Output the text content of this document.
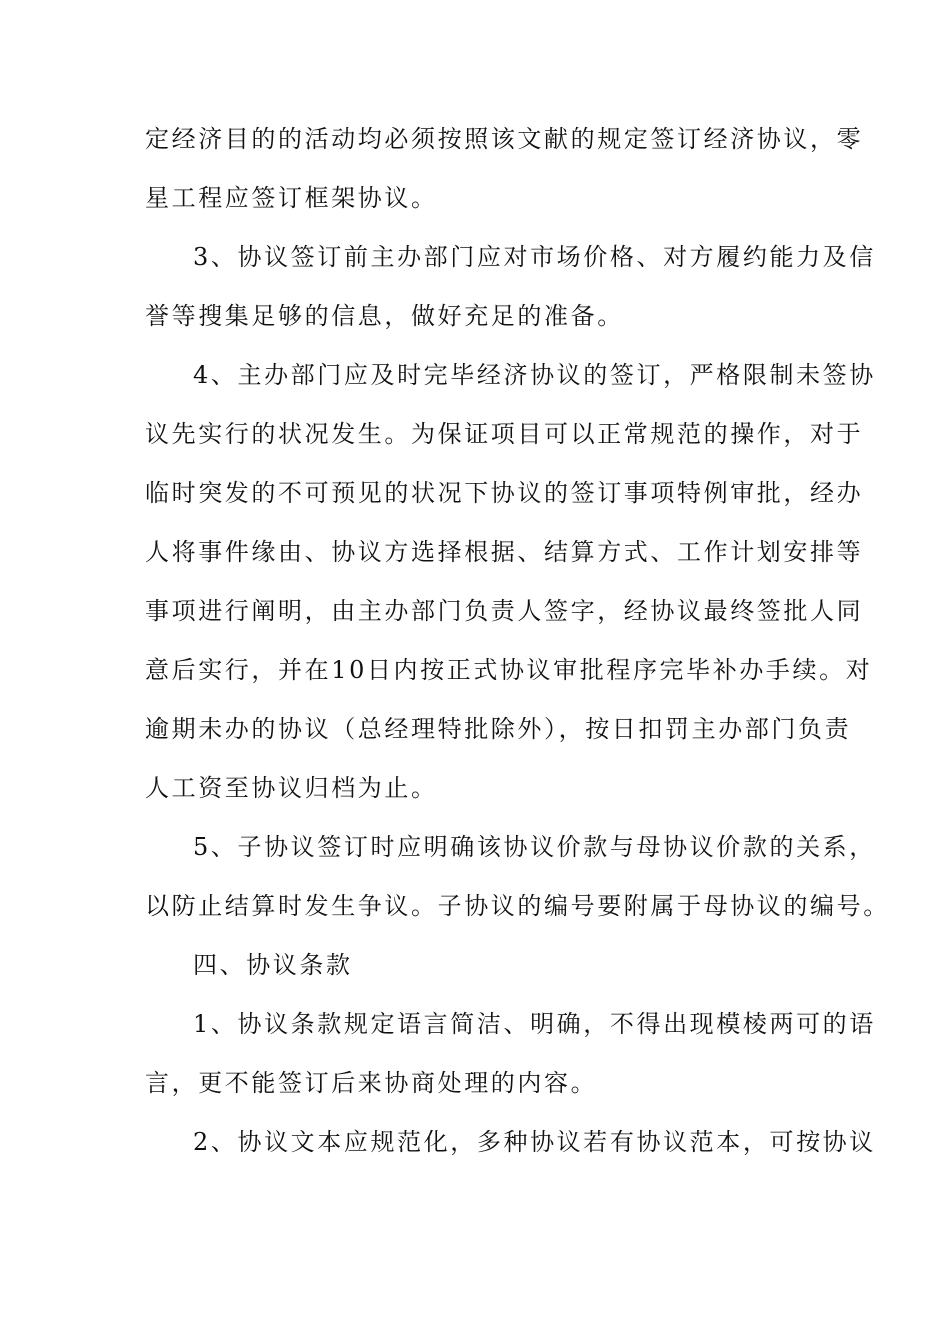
定经济目的的活动均必须按照该文献的规定签订经济协议，零
星工程应签订框架协议。
3、协议签订前主办部门应对市场价格、对方履约能力及信
誉等搜集足够的信息，做好充足的准备。
4、主办部门应及时完毕经济协议的签订，严格限制未签协
议先实行的状况发生。为保证项目可以正常规范的操作，对于
临时突发的不可预见的状况下协议的签订事项特例审批，经办
人将事件缘由、协议方选择根据、结算方式、工作计划安排等
事项进行阐明，由主办部门负责人签字，经协议最终签批人同
意后实行，并在10日内按正式协议审批程序完毕补办手续。对
逾期未办的协议（总经理特批除外），按日扣罚主办部门负责
人工资至协议归档为止。
5、子协议签订时应明确该协议价款与母协议价款的关系，
以防止结算时发生争议。子协议的编号要附属于母协议的编号。
四、协议条款
1、协议条款规定语言简洁、明确，不得出现模棱两可的语
言，更不能签订后来协商处理的内容。
2、协议文本应规范化，多种协议若有协议范本，可按协议
